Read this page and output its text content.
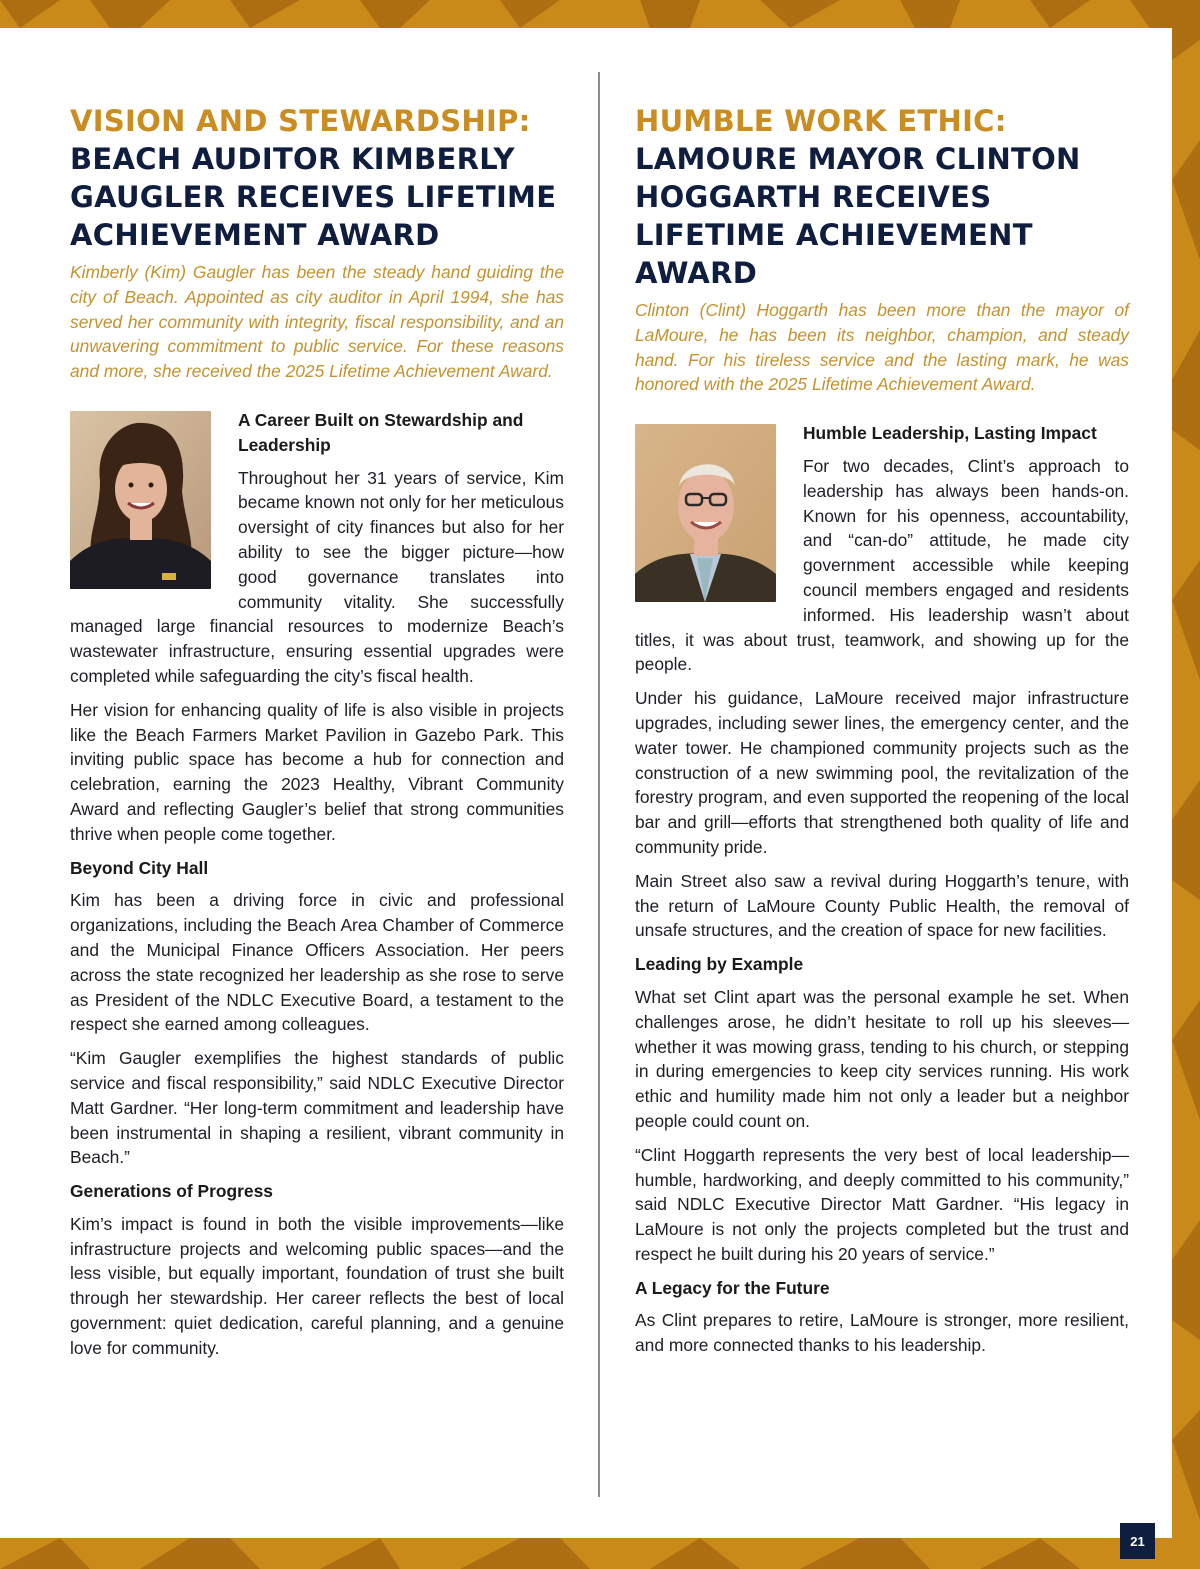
VISION AND STEWARDSHIP:
BEACH AUDITOR KIMBERLY GAUGLER RECEIVES LIFETIME ACHIEVEMENT AWARD

Kimberly (Kim) Gaugler has been the steady hand guiding the city of Beach. Appointed as city auditor in April 1994, she has served her community with integrity, fiscal responsibility, and an unwavering commitment to public service. For these reasons and more, she received the 2025 Lifetime Achievement Award.

A Career Built on Stewardship and Leadership

Throughout her 31 years of service, Kim became known not only for her meticulous oversight of city finances but also for her ability to see the bigger picture—how good governance translates into community vitality. She successfully managed large financial resources to modernize Beach’s wastewater infrastructure, ensuring essential upgrades were completed while safeguarding the city’s fiscal health.

Her vision for enhancing quality of life is also visible in projects like the Beach Farmers Market Pavilion in Gazebo Park. This inviting public space has become a hub for connection and celebration, earning the 2023 Healthy, Vibrant Community Award and reflecting Gaugler’s belief that strong communities thrive when people come together.

Beyond City Hall

Kim has been a driving force in civic and professional organizations, including the Beach Area Chamber of Commerce and the Municipal Finance Officers Association. Her peers across the state recognized her leadership as she rose to serve as President of the NDLC Executive Board, a testament to the respect she earned among colleagues.

“Kim Gaugler exemplifies the highest standards of public service and fiscal responsibility,” said NDLC Executive Director Matt Gardner. “Her long-term commitment and leadership have been instrumental in shaping a resilient, vibrant community in Beach.”

Generations of Progress

Kim’s impact is found in both the visible improvements—like infrastructure projects and welcoming public spaces—and the less visible, but equally important, foundation of trust she built through her stewardship. Her career reflects the best of local government: quiet dedication, careful planning, and a genuine love for community.

HUMBLE WORK ETHIC:
LAMOURE MAYOR CLINTON HOGGARTH RECEIVES LIFETIME ACHIEVEMENT AWARD

Clinton (Clint) Hoggarth has been more than the mayor of LaMoure, he has been its neighbor, champion, and steady hand. For his tireless service and the lasting mark, he was honored with the 2025 Lifetime Achievement Award.

Humble Leadership, Lasting Impact

For two decades, Clint’s approach to leadership has always been hands-on. Known for his openness, accountability, and “can-do” attitude, he made city government accessible while keeping council members engaged and residents informed. His leadership wasn’t about titles, it was about trust, teamwork, and showing up for the people.

Under his guidance, LaMoure received major infrastructure upgrades, including sewer lines, the emergency center, and the water tower. He championed community projects such as the construction of a new swimming pool, the revitalization of the forestry program, and even supported the reopening of the local bar and grill—efforts that strengthened both quality of life and community pride.

Main Street also saw a revival during Hoggarth’s tenure, with the return of LaMoure County Public Health, the removal of unsafe structures, and the creation of space for new facilities.

Leading by Example

What set Clint apart was the personal example he set. When challenges arose, he didn’t hesitate to roll up his sleeves—whether it was mowing grass, tending to his church, or stepping in during emergencies to keep city services running. His work ethic and humility made him not only a leader but a neighbor people could count on.

“Clint Hoggarth represents the very best of local leadership—humble, hardworking, and deeply committed to his community,” said NDLC Executive Director Matt Gardner. “His legacy in LaMoure is not only the projects completed but the trust and respect he built during his 20 years of service.”

A Legacy for the Future

As Clint prepares to retire, LaMoure is stronger, more resilient, and more connected thanks to his leadership.

21
